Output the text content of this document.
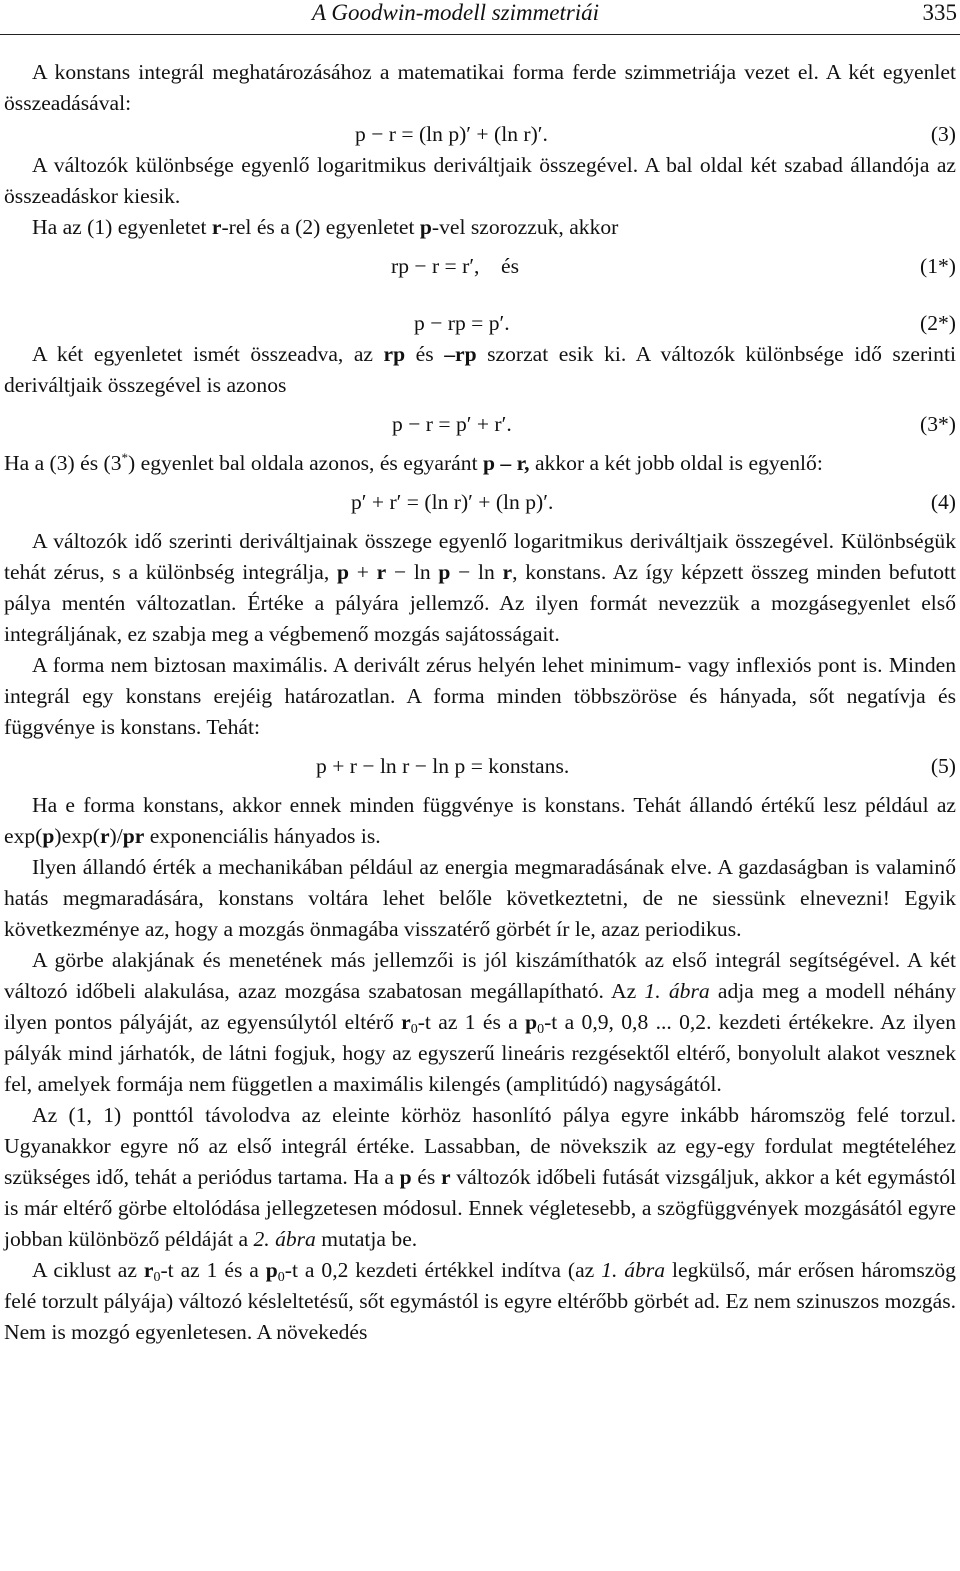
A Goodwin-modell szimmetriái	335

A konstans integrál meghatározásához a matematikai forma ferde szimmetriája vezet el. A két egyenlet összeadásával:

p − r = (ln p)′ + (ln r)′.	(3)

A változók különbsége egyenlő logaritmikus deriváltjaik összegével. A bal oldal két szabad állandója az összeadáskor kiesik.

Ha az (1) egyenletet r-rel és a (2) egyenletet p-vel szorozzuk, akkor

rp − r = r′,    és	(1*)
p − rp = p′.	(2*)

A két egyenletet ismét összeadva, az rp és –rp szorzat esik ki. A változók különbsége idő szerinti deriváltjaik összegével is azonos

p − r = p′ + r′.	(3*)

Ha a (3) és (3*) egyenlet bal oldala azonos, és egyaránt p – r, akkor a két jobb oldal is egyenlő:

p′ + r′ = (ln r)′ + (ln p)′.	(4)

A változók idő szerinti deriváltjainak összege egyenlő logaritmikus deriváltjaik összegével. Különbségük tehát zérus, s a különbség integrálja, p + r − ln p − ln r, konstans. Az így képzett összeg minden befutott pálya mentén változatlan. Értéke a pályára jellemző. Az ilyen formát nevezzük a mozgásegyenlet első integráljának, ez szabja meg a végbemenő mozgás sajátosságait.

A forma nem biztosan maximális. A derivált zérus helyén lehet minimum- vagy inflexiós pont is. Minden integrál egy konstans erejéig határozatlan. A forma minden többszöröse és hányada, sőt negatívja és függvénye is konstans. Tehát:

p + r − ln r − ln p = konstans.	(5)

Ha e forma konstans, akkor ennek minden függvénye is konstans. Tehát állandó értékű lesz például az exp(p)exp(r)/pr exponenciális hányados is.

Ilyen állandó érték a mechanikában például az energia megmaradásának elve. A gazdaságban is valaminő hatás megmaradására, konstans voltára lehet belőle következtetni, de ne siessünk elnevezni! Egyik következménye az, hogy a mozgás önmagába visszatérő görbét ír le, azaz periodikus.

A görbe alakjának és menetének más jellemzői is jól kiszámíthatók az első integrál segítségével. A két változó időbeli alakulása, azaz mozgása szabatosan megállapítható. Az 1. ábra adja meg a modell néhány ilyen pontos pályáját, az egyensúlytól eltérő $r_0-t$ az 1 és a $p_0-t$ a 0,9, 0,8 ... 0,2. kezdeti értékekre. Az ilyen pályák mind járhatók, de látni fogjuk, hogy az egyszerű lineáris rezgésektől eltérő, bonyolult alakot vesznek fel, amelyek formája nem független a maximális kilengés (amplitúdó) nagyságától.

Az (1, 1) ponttól távolodva az eleinte körhöz hasonlító pálya egyre inkább háromszög felé torzul. Ugyanakkor egyre nő az első integrál értéke. Lassabban, de növekszik az egy-egy fordulat megtételéhez szükséges idő, tehát a periódus tartama. Ha a p és r változók időbeli futását vizsgáljuk, akkor a két egymástól is már eltérő görbe eltolódása jellegzetesen módosul. Ennek végletesebb, a szögfüggvények mozgásától egyre jobban különböző példáját a 2. ábra mutatja be.

A ciklust az $r_0-t$ az 1 és a $p_0-t$ a 0,2 kezdeti értékkel indítva (az 1. ábra legkülső, már erősen háromszög felé torzult pályája) változó késleltetésű, sőt egymástól is egyre eltérőbb görbét ad. Ez nem szinuszos mozgás. Nem is mozgó egyenletesen. A növekedés
